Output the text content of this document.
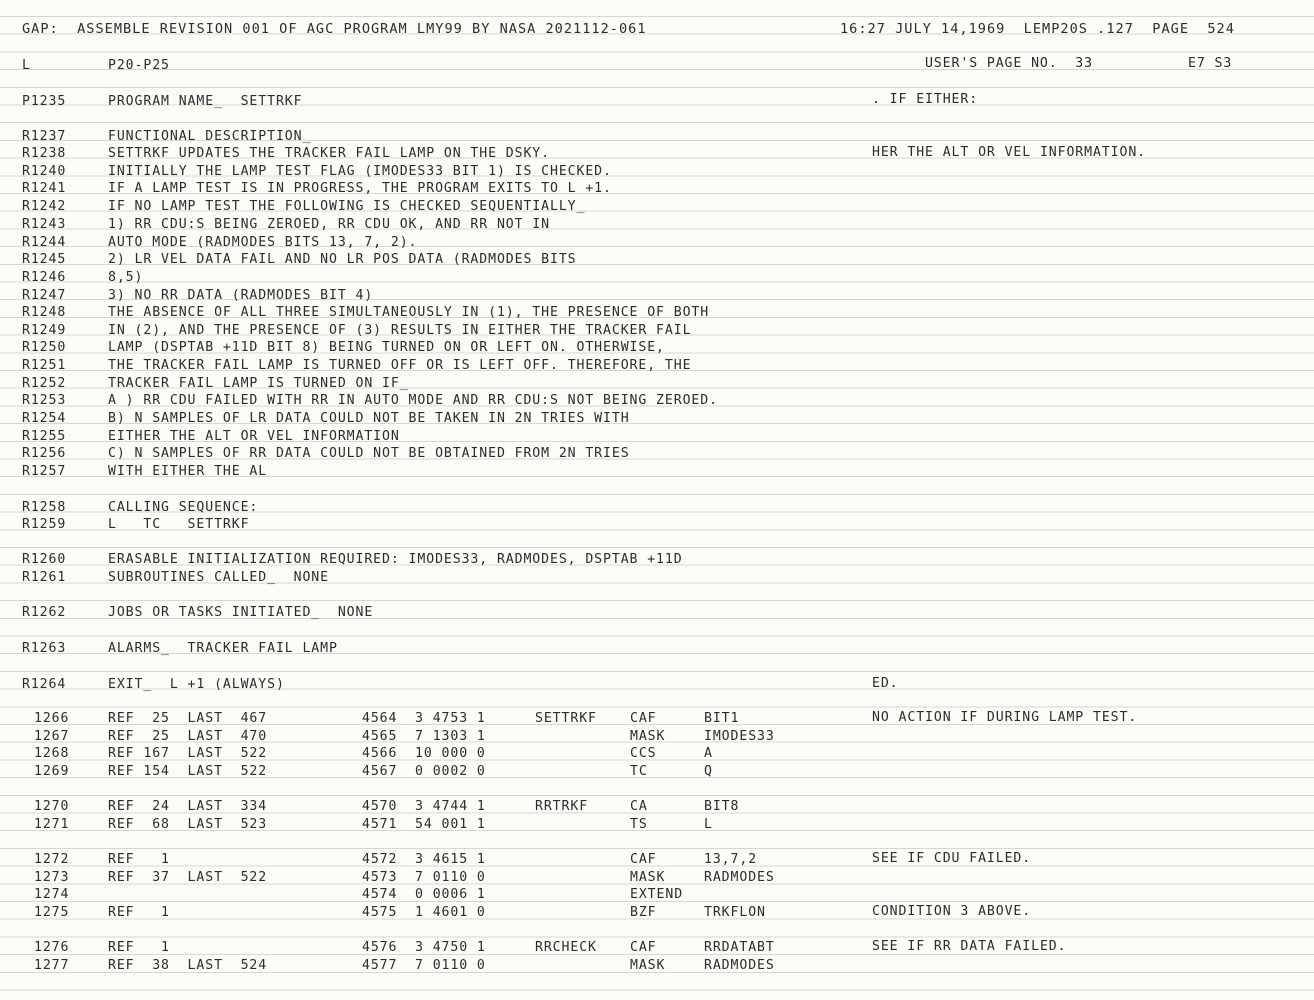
GAP:  ASSEMBLE REVISION 001 OF AGC PROGRAM LMY99 BY NASA 2021112-061	16:27 JULY 14,1969  LEMP20S .127  PAGE  524
L	P20-P25	USER'S PAGE NO.  33	E7 S3
P1235	PROGRAM NAME_  SETTRKF	. IF EITHER:
R1237	FUNCTIONAL DESCRIPTION_
R1238	SETTRKF UPDATES THE TRACKER FAIL LAMP ON THE DSKY.	HER THE ALT OR VEL INFORMATION.
R1240	INITIALLY THE LAMP TEST FLAG (IMODES33 BIT 1) IS CHECKED.
R1241	IF A LAMP TEST IS IN PROGRESS, THE PROGRAM EXITS TO L +1.
R1242	IF NO LAMP TEST THE FOLLOWING IS CHECKED SEQUENTIALLY_
R1243	1) RR CDU:S BEING ZEROED, RR CDU OK, AND RR NOT IN
R1244	AUTO MODE (RADMODES BITS 13, 7, 2).
R1245	2) LR VEL DATA FAIL AND NO LR POS DATA (RADMODES BITS
R1246	8,5)
R1247	3) NO RR DATA (RADMODES BIT 4)
R1248	THE ABSENCE OF ALL THREE SIMULTANEOUSLY IN (1), THE PRESENCE OF BOTH
R1249	IN (2), AND THE PRESENCE OF (3) RESULTS IN EITHER THE TRACKER FAIL
R1250	LAMP (DSPTAB +11D BIT 8) BEING TURNED ON OR LEFT ON. OTHERWISE,
R1251	THE TRACKER FAIL LAMP IS TURNED OFF OR IS LEFT OFF. THEREFORE, THE
R1252	TRACKER FAIL LAMP IS TURNED ON IF_
R1253	A ) RR CDU FAILED WITH RR IN AUTO MODE AND RR CDU:S NOT BEING ZEROED.
R1254	B) N SAMPLES OF LR DATA COULD NOT BE TAKEN IN 2N TRIES WITH
R1255	EITHER THE ALT OR VEL INFORMATION
R1256	C) N SAMPLES OF RR DATA COULD NOT BE OBTAINED FROM 2N TRIES
R1257	WITH EITHER THE AL
R1258	CALLING SEQUENCE:
R1259	L   TC   SETTRKF
R1260	ERASABLE INITIALIZATION REQUIRED: IMODES33, RADMODES, DSPTAB +11D
R1261	SUBROUTINES CALLED_  NONE
R1262	JOBS OR TASKS INITIATED_  NONE
R1263	ALARMS_  TRACKER FAIL LAMP
R1264	EXIT_  L +1 (ALWAYS)	ED.
1266	REF  25  LAST  467	4564  3 4753 1	SETTRKF	CAF	BIT1	NO ACTION IF DURING LAMP TEST.
1267	REF  25  LAST  470	4565  7 1303 1	MASK	IMODES33
1268	REF 167  LAST  522	4566  10 000 0	CCS	A
1269	REF 154  LAST  522	4567  0 0002 0	TC	Q
1270	REF  24  LAST  334	4570  3 4744 1	RRTRKF	CA	BIT8
1271	REF  68  LAST  523	4571  54 001 1	TS	L
1272	REF   1	4572  3 4615 1	CAF	13,7,2	SEE IF CDU FAILED.
1273	REF  37  LAST  522	4573  7 0110 0	MASK	RADMODES
1274	4574  0 0006 1	EXTEND
1275	REF   1	4575  1 4601 0	BZF	TRKFLON	CONDITION 3 ABOVE.
1276	REF   1	4576  3 4750 1	RRCHECK	CAF	RRDATABT	SEE IF RR DATA FAILED.
1277	REF  38  LAST  524	4577  7 0110 0	MASK	RADMODES
